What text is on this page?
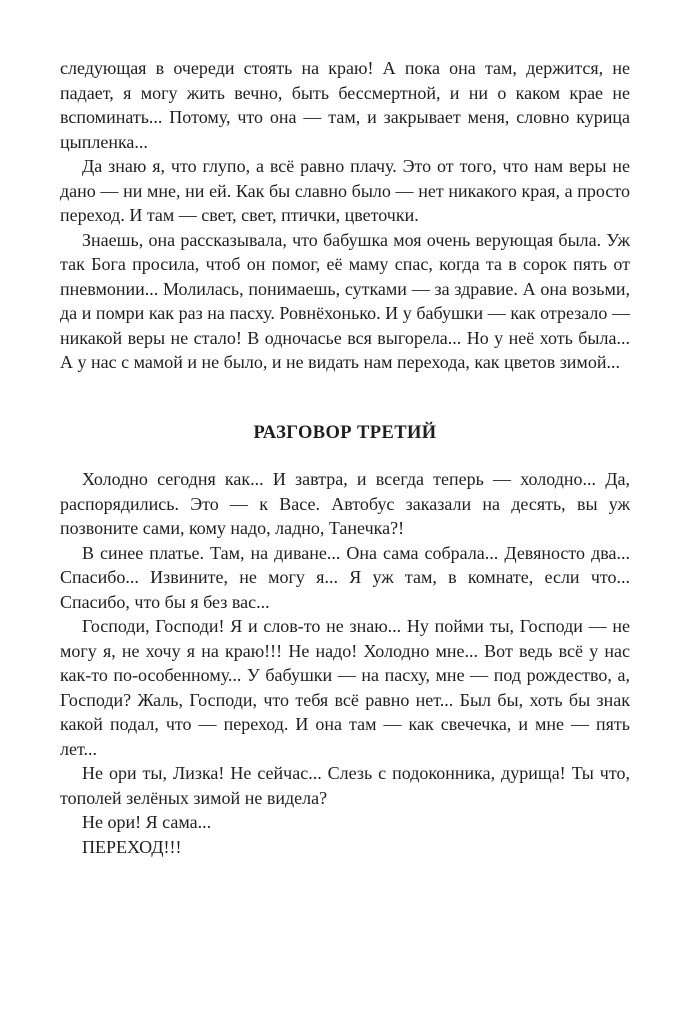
следующая в очереди стоять на краю! А пока она там, держится, не падает, я могу жить вечно, быть бессмертной, и ни о каком крае не вспоминать... Потому, что она — там, и закрывает меня, словно курица цыпленка...

Да знаю я, что глупо, а всё равно плачу. Это от того, что нам веры не дано — ни мне, ни ей. Как бы славно было — нет никакого края, а просто переход. И там — свет, свет, птички, цветочки.

Знаешь, она рассказывала, что бабушка моя очень верующая была. Уж так Бога просила, чтоб он помог, её маму спас, когда та в сорок пять от пневмонии... Молилась, понимаешь, сутками — за здравие. А она возьми, да и помри как раз на пасху. Ровнёхонько. И у бабушки — как отрезало — никакой веры не стало! В одночасье вся выгорела... Но у неё хоть была... А у нас с мамой и не было, и не видать нам перехода, как цветов зимой...

РАЗГОВОР ТРЕТИЙ

Холодно сегодня как... И завтра, и всегда теперь — холодно... Да, распорядились. Это — к Васе. Автобус заказали на десять, вы уж позвоните сами, кому надо, ладно, Танечка?!

В синее платье. Там, на диване... Она сама собрала... Девяносто два... Спасибо... Извините, не могу я... Я уж там, в комнате, если что... Спасибо, что бы я без вас...

Господи, Господи! Я и слов-то не знаю... Ну пойми ты, Господи — не могу я, не хочу я на краю!!! Не надо! Холодно мне... Вот ведь всё у нас как-то по-особенному... У бабушки — на пасху, мне — под рождество, а, Господи? Жаль, Господи, что тебя всё равно нет... Был бы, хоть бы знак какой подал, что — переход. И она там — как свечечка, и мне — пять лет...

Не ори ты, Лизка! Не сейчас... Слезь с подоконника, дурища! Ты что, тополей зелёных зимой не видела?

Не ори! Я сама...

ПЕРЕХОД!!!
